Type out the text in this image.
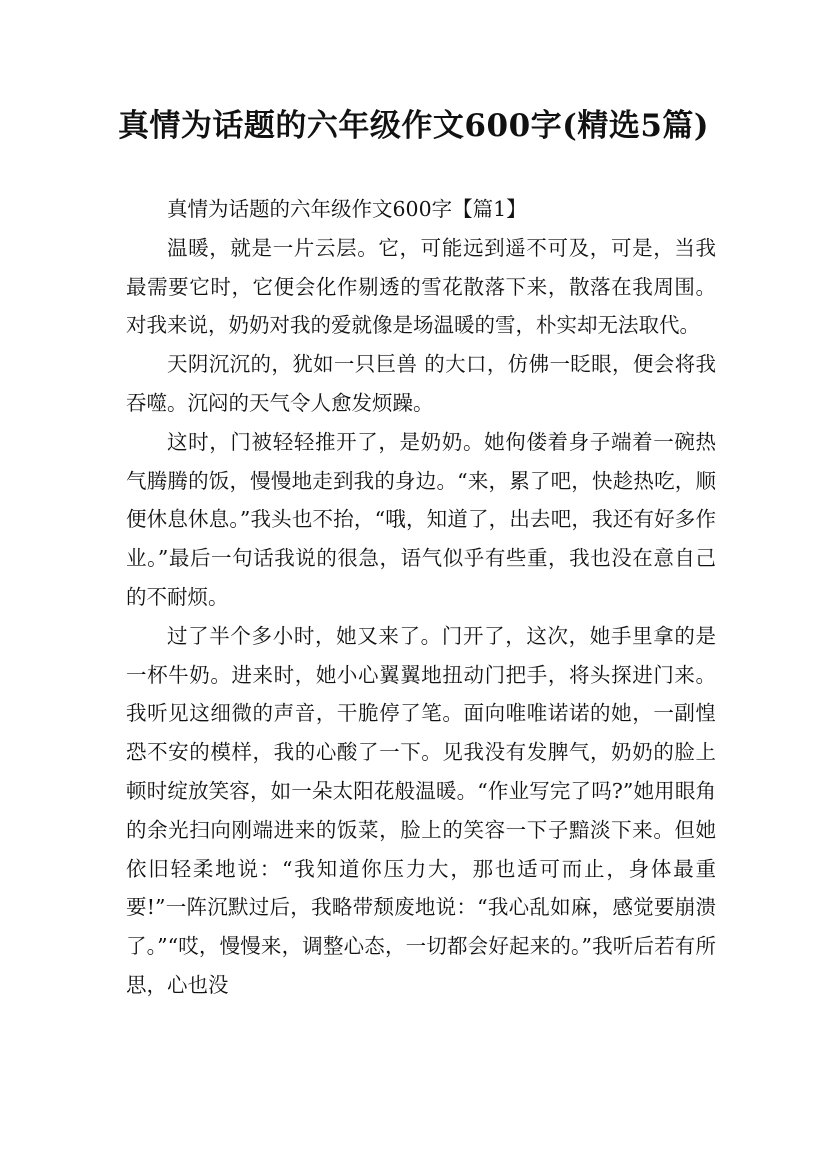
真情为话题的六年级作文600字(精选5篇)

真情为话题的六年级作文600字【篇1】

温暖，就是一片云层。它，可能远到遥不可及，可是，当我最需要它时，它便会化作剔透的雪花散落下来，散落在我周围。对我来说，奶奶对我的爱就像是场温暖的雪，朴实却无法取代。

天阴沉沉的，犹如一只巨兽 的大口，仿佛一眨眼，便会将我吞噬。沉闷的天气令人愈发烦躁。

这时，门被轻轻推开了，是奶奶。她佝偻着身子端着一碗热气腾腾的饭，慢慢地走到我的身边。“来，累了吧，快趁热吃，顺便休息休息。”我头也不抬，“哦，知道了，出去吧，我还有好多作业。”最后一句话我说的很急，语气似乎有些重，我也没在意自己的不耐烦。

过了半个多小时，她又来了。门开了，这次，她手里拿的是一杯牛奶。进来时，她小心翼翼地扭动门把手，将头探进门来。我听见这细微的声音，干脆停了笔。面向唯唯诺诺的她，一副惶恐不安的模样，我的心酸了一下。见我没有发脾气，奶奶的脸上顿时绽放笑容，如一朵太阳花般温暖。“作业写完了吗?”她用眼角的余光扫向刚端进来的饭菜，脸上的笑容一下子黯淡下来。但她依旧轻柔地说：“我知道你压力大，那也适可而止，身体最重要!”一阵沉默过后，我略带颓废地说：“我心乱如麻，感觉要崩溃了。”“哎，慢慢来，调整心态，一切都会好起来的。”我听后若有所思，心也没
